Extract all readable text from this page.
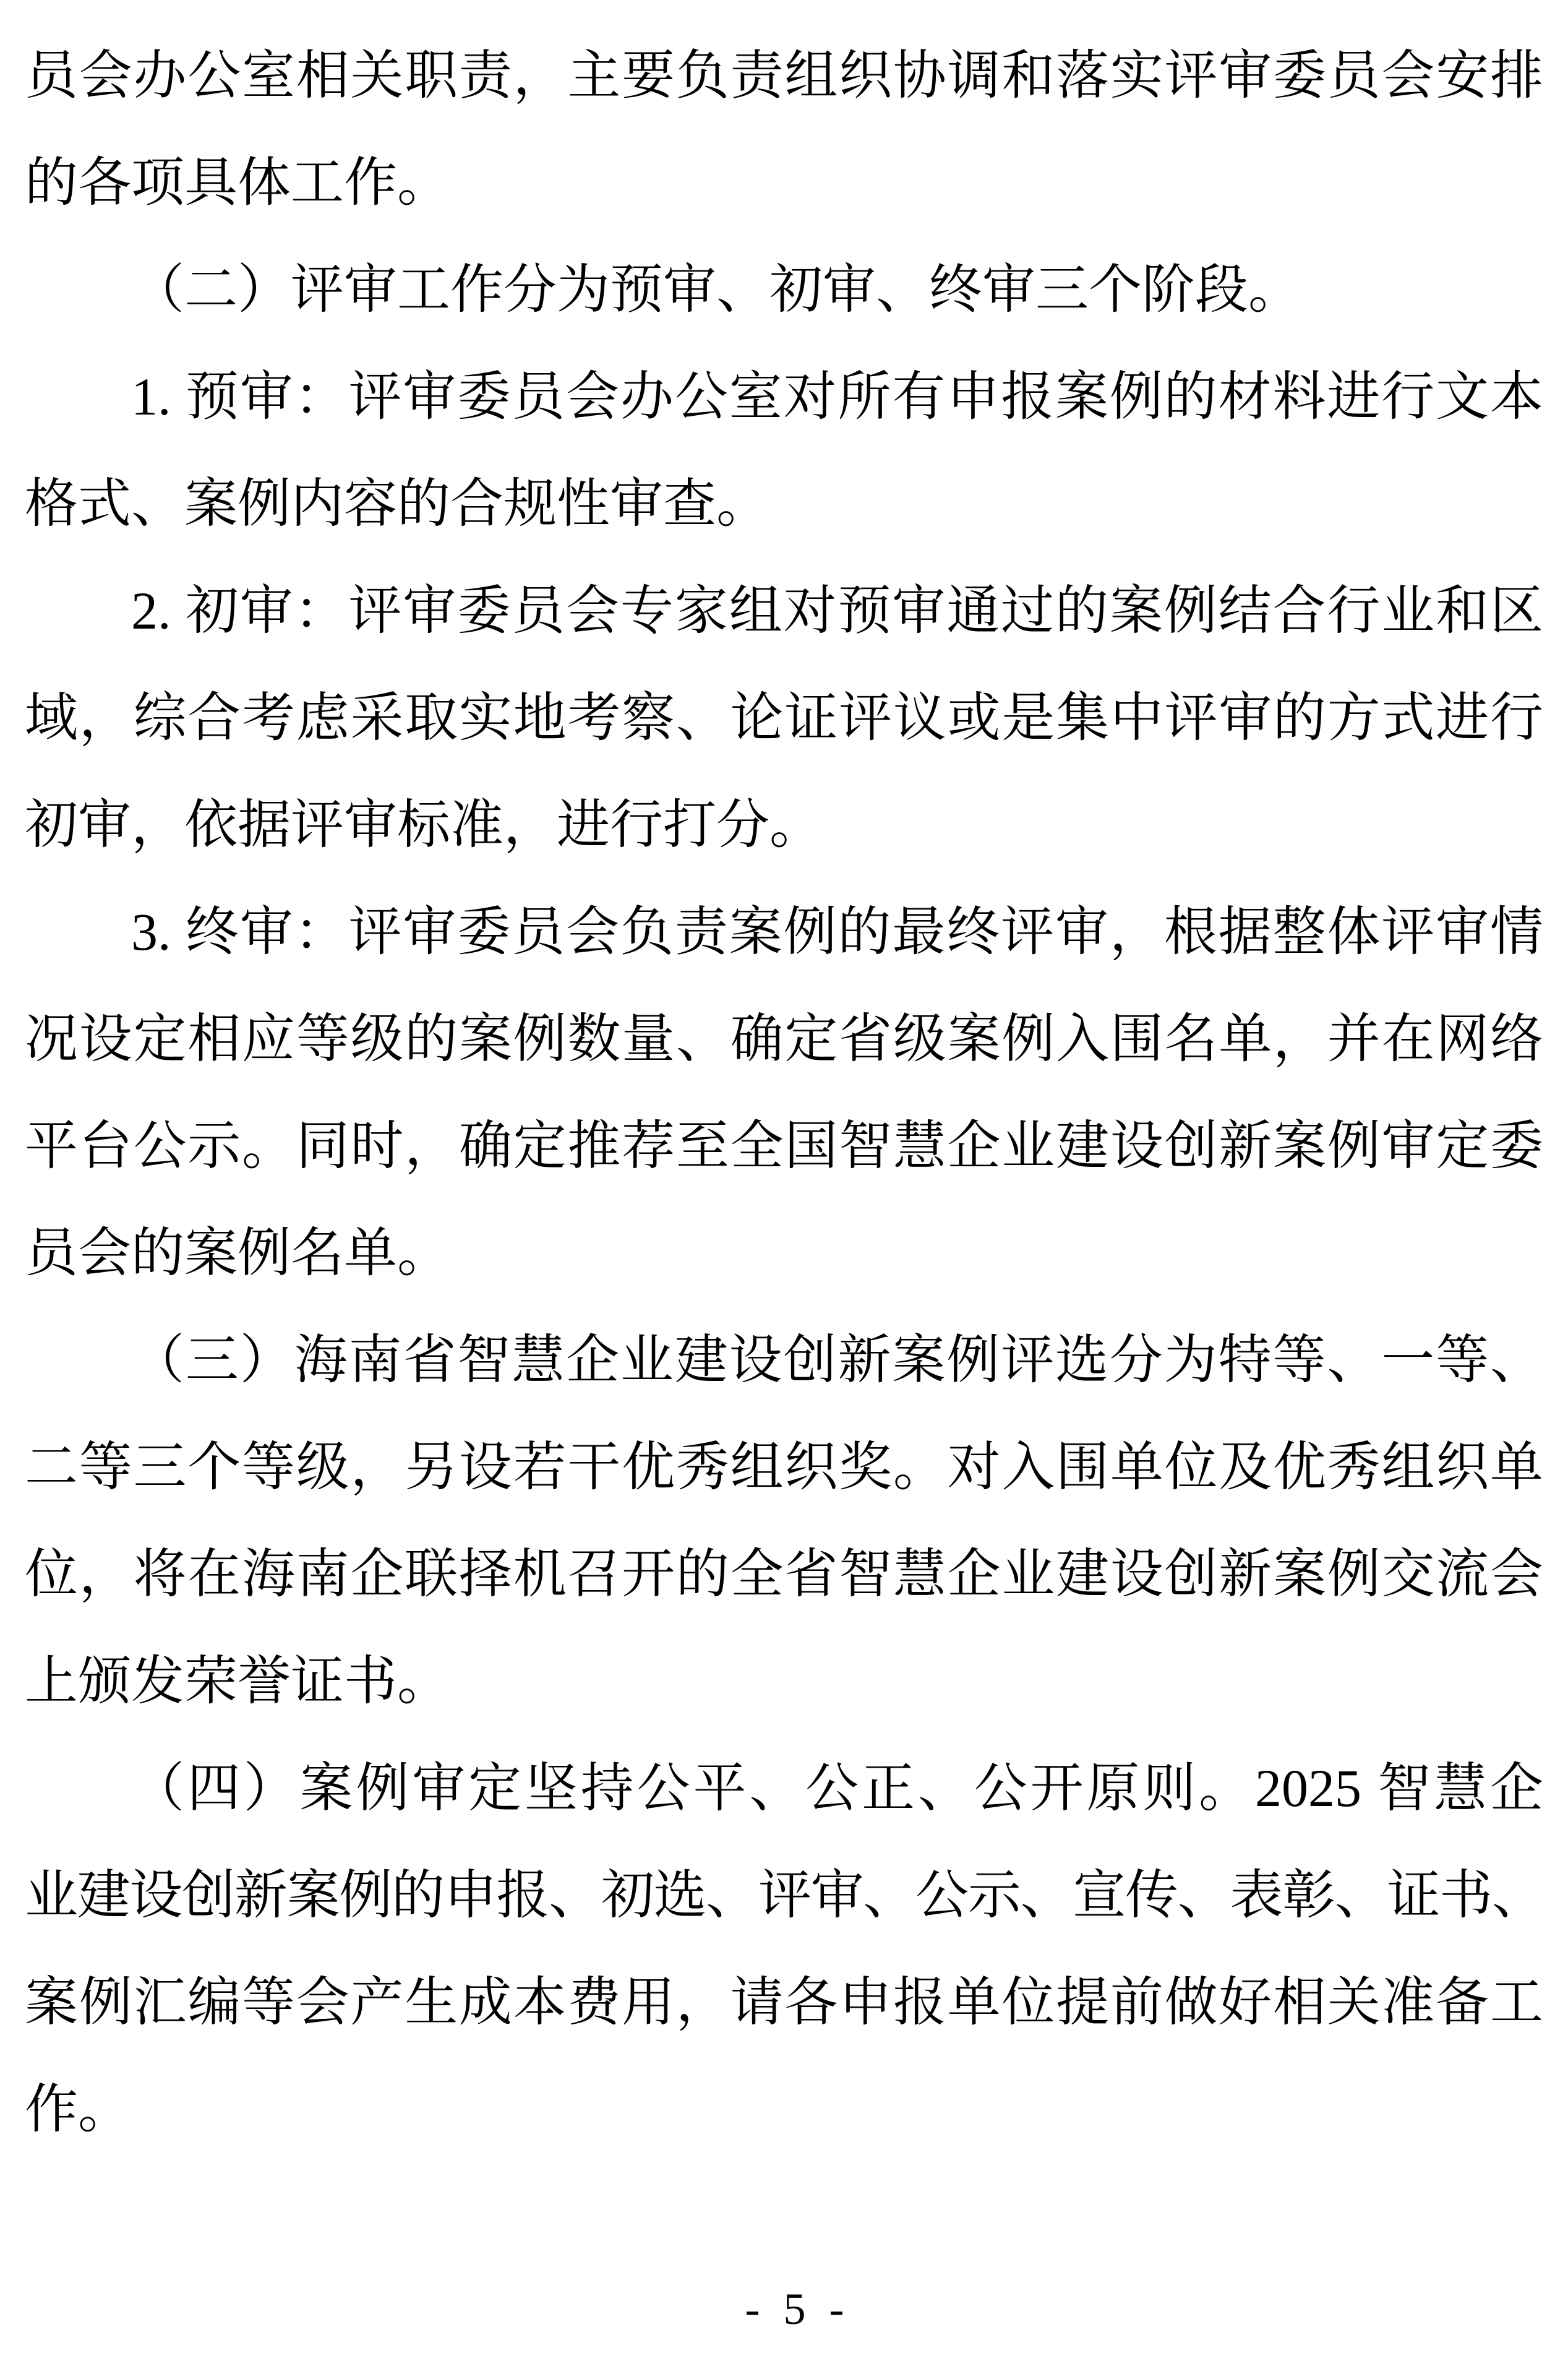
员会办公室相关职责，主要负责组织协调和落实评审委员会安排
的各项具体工作。
（二）评审工作分为预审、初审、终审三个阶段。
1. 预审：评审委员会办公室对所有申报案例的材料进行文本
格式、案例内容的合规性审查。
2. 初审：评审委员会专家组对预审通过的案例结合行业和区
域，综合考虑采取实地考察、论证评议或是集中评审的方式进行
初审，依据评审标准，进行打分。
3. 终审：评审委员会负责案例的最终评审，根据整体评审情
况设定相应等级的案例数量、确定省级案例入围名单，并在网络
平台公示。同时，确定推荐至全国智慧企业建设创新案例审定委
员会的案例名单。
（三）海南省智慧企业建设创新案例评选分为特等、一等、
二等三个等级，另设若干优秀组织奖。对入围单位及优秀组织单
位，将在海南企联择机召开的全省智慧企业建设创新案例交流会
上颁发荣誉证书。
（四）案例审定坚持公平、公正、公开原则。2025 智慧企
业建设创新案例的申报、初选、评审、公示、宣传、表彰、证书、
案例汇编等会产生成本费用，请各申报单位提前做好相关准备工
作。
- 5 -
